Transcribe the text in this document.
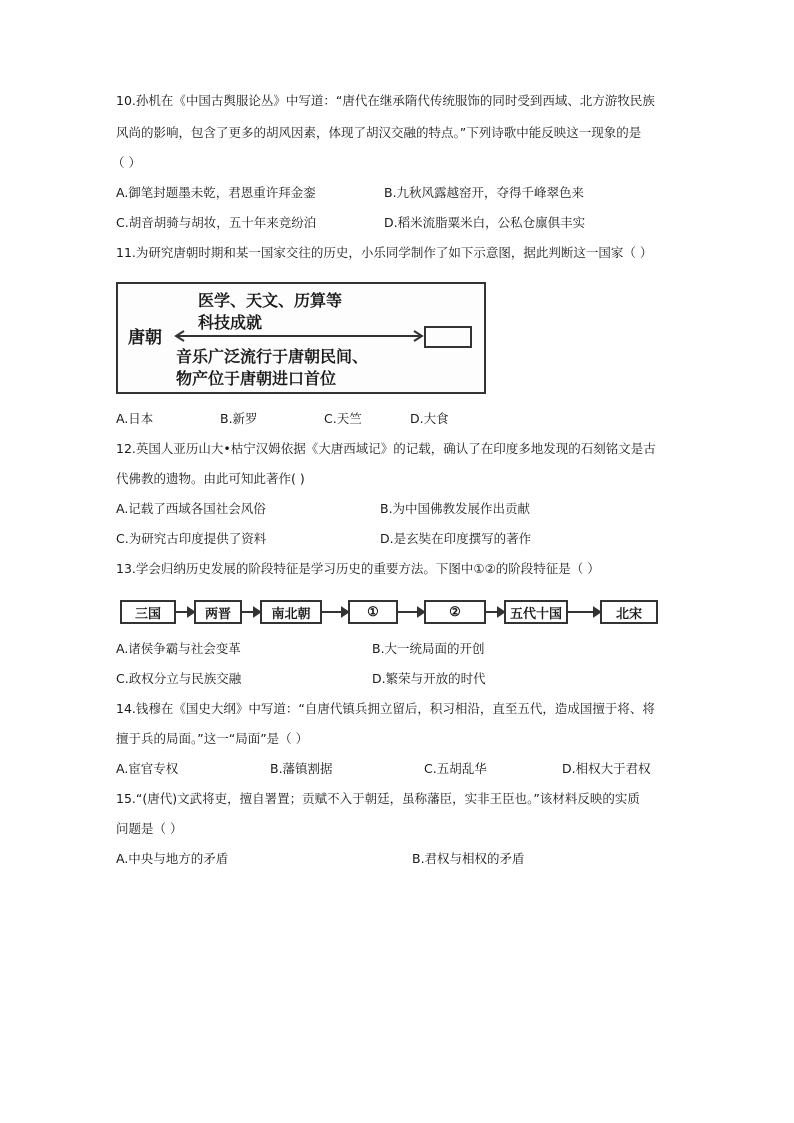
10.孙机在《中国古舆服论丛》中写道：“唐代在继承隋代传统服饰的同时受到西域、北方游牧民族
风尚的影响，包含了更多的胡风因素，体现了胡汉交融的特点。”下列诗歌中能反映这一现象的是
（ ）
A.御笔封题墨未乾，君恩重许拜金銮	B.九秋风露越窑开，夺得千峰翠色来
C.胡音胡骑与胡妆，五十年来竞纷泊	D.稻米流脂粟米白，公私仓廪俱丰实
11.为研究唐朝时期和某一国家交往的历史，小乐同学制作了如下示意图，据此判断这一国家（ ）
医学、天文、历算等
科技成就
唐朝
音乐广泛流行于唐朝民间、
物产位于唐朝进口首位
A.日本	B.新罗	C.天竺	D.大食
12.英国人亚历山大•枯宁汉姆依据《大唐西域记》的记载，确认了在印度多地发现的石刻铭文是古
代佛教的遗物。由此可知此著作( )
A.记载了西域各国社会风俗	B.为中国佛教发展作出贡献
C.为研究古印度提供了资料	D.是玄奘在印度撰写的著作
13.学会归纳历史发展的阶段特征是学习历史的重要方法。下图中①②的阶段特征是（ ）
三国	两晋	南北朝	①	②	五代十国	北宋
A.诸侯争霸与社会变革	B.大一统局面的开创
C.政权分立与民族交融	D.繁荣与开放的时代
14.钱穆在《国史大纲》中写道：“自唐代镇兵拥立留后，积习相沿，直至五代，造成国擅于将、将
擅于兵的局面。”这一“局面”是（ ）
A.宦官专权	B.藩镇割据	C.五胡乱华	D.相权大于君权
15.“(唐代)文武将吏，擅自署置；贡赋不入于朝廷，虽称藩臣，实非王臣也。”该材料反映的实质
问题是（ ）
A.中央与地方的矛盾	B.君权与相权的矛盾
